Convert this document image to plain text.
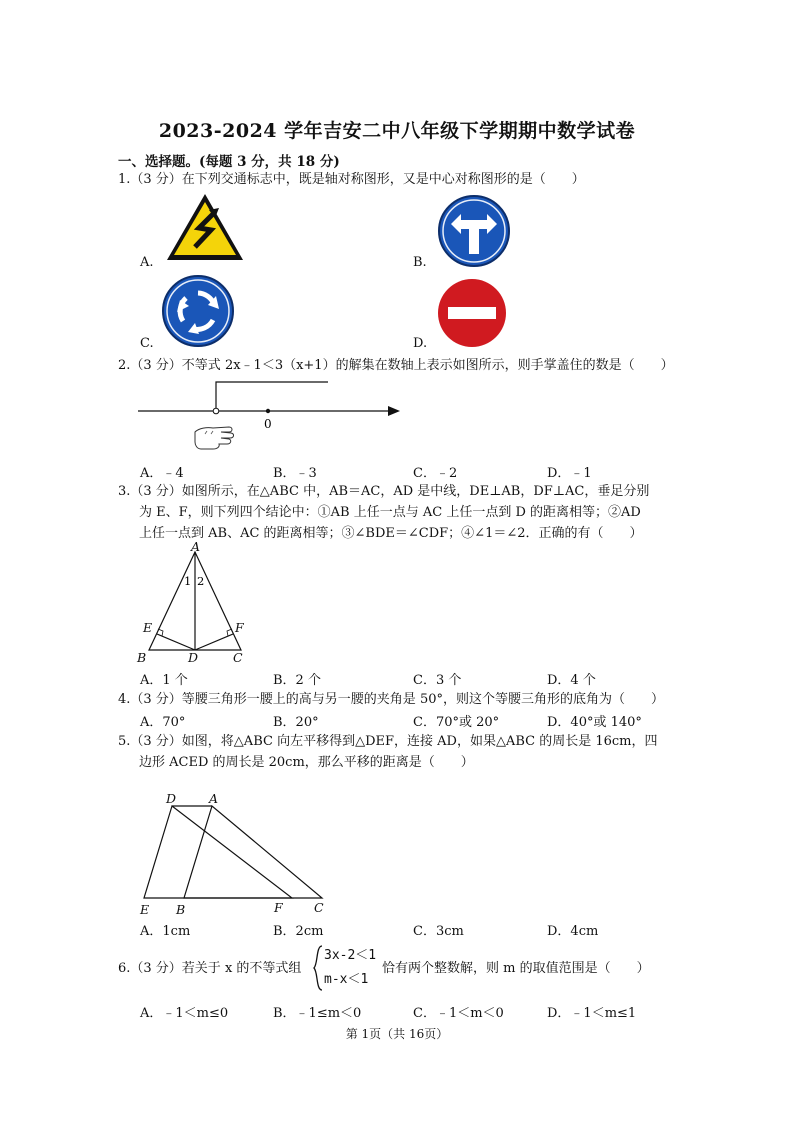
2023-2024 学年吉安二中八年级下学期期中数学试卷
一、选择题。(每题 3 分，共 18 分)
1.（3 分）在下列交通标志中，既是轴对称图形，又是中心对称图形的是（　　）
A.	B.
C.	D.
2.（3 分）不等式 2x﹣1＜3（x+1）的解集在数轴上表示如图所示，则手掌盖住的数是（　　）
0
A．﹣4	B．﹣3	C．﹣2	D．﹣1
3.（3 分）如图所示，在△ABC 中，AB＝AC，AD 是中线，DE⊥AB，DF⊥AC，垂足分别
为 E、F，则下列四个结论中：①AB 上任一点与 AC 上任一点到 D 的距离相等；②AD
上任一点到 AB、AC 的距离相等；③∠BDE＝∠CDF；④∠1＝∠2．正确的有（　　）
A
B	D	C
E	F
1 2
A．1 个	B．2 个	C．3 个	D．4 个
4.（3 分）等腰三角形一腰上的高与另一腰的夹角是 50°，则这个等腰三角形的底角为（　　）
A．70°	B．20°	C．70°或 20°	D．40°或 140°
5.（3 分）如图，将△ABC 向左平移得到△DEF，连接 AD，如果△ABC 的周长是 16cm，四
边形 ACED 的周长是 20cm，那么平移的距离是（　　）
D	A
E B	F	C
A．1cm	B．2cm	C．3cm	D．4cm
6.（3 分）若关于 x 的不等式组
3x-2＜1
m-x＜1
恰有两个整数解，则 m 的取值范围是（　　）
A．﹣1＜m≤0	B．﹣1≤m＜0	C．﹣1＜m＜0	D．﹣1＜m≤1
第 1页（共 16页）
